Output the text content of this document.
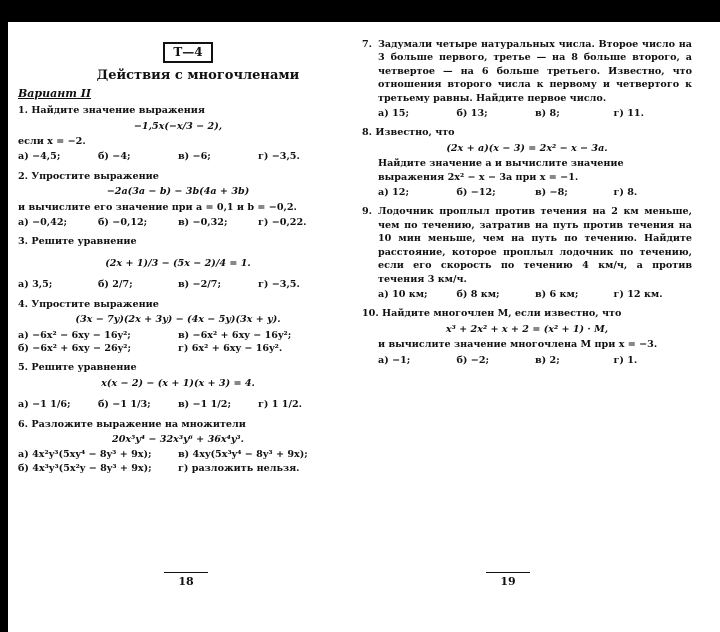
Т—4
Действия с многочленами
Вариант II
1. Найдите значение выражения
−1,5x(−x/3 − 2),
если x = −2.
а) −4,5;	б) −4;	в) −6;	г) −3,5.
2. Упростите выражение
−2a(3a − b) − 3b(4a + 3b)
и вычислите его значение при a = 0,1 и b = −0,2.
а) −0,42;	б) −0,12;	в) −0,32;	г) −0,22.
3. Решите уравнение
(2x + 1)/3 − (5x − 2)/4 = 1.
а) 3,5;	б) 2/7;	в) −2/7;	г) −3,5.
4. Упростите выражение
(3x − 7y)(2x + 3y) − (4x − 5y)(3x + y).
а) −6x² − 6xy − 16y²;	в) −6x² + 6xy − 16y²;
б) −6x² + 6xy − 26y²;	г) 6x² + 6xy − 16y².
5. Решите уравнение
x(x − 2) − (x + 1)(x + 3) = 4.
а) −1 1/6;	б) −1 1/3;	в) −1 1/2;	г) 1 1/2.
6. Разложите выражение на множители
20x⁵y⁴ − 32x³y⁶ + 36x⁴y³.
а) 4x²y³(5xy⁴ − 8y³ + 9x);	в) 4xy(5x³y⁴ − 8y³ + 9x);
б) 4x³y³(5x²y − 8y³ + 9x);	г) разложить нельзя.
7. Задумали четыре натуральных числа. Второе число на 3 больше первого, третье — на 8 больше второго, а четвертое — на 6 больше третьего. Известно, что отношения второго числа к первому и четвертого к третьему равны. Найдите первое число.
а) 15;	б) 13;	в) 8;	г) 11.
8. Известно, что
(2x + a)(x − 3) = 2x² − x − 3a.
Найдите значение a и вычислите значение выражения 2x² − x − 3a при x = −1.
а) 12;	б) −12;	в) −8;	г) 8.
9. Лодочник проплыл против течения на 2 км меньше, чем по течению, затратив на путь против течения на 10 мин меньше, чем на путь по течению. Найдите расстояние, которое проплыл лодочник по течению, если его скорость по течению 4 км/ч, а против течения 3 км/ч.
а) 10 км;	б) 8 км;	в) 6 км;	г) 12 км.
10. Найдите многочлен M, если известно, что
x³ + 2x² + x + 2 = (x² + 1) · M,
и вычислите значение многочлена M при x = −3.
а) −1;	б) −2;	в) 2;	г) 1.
18	19
